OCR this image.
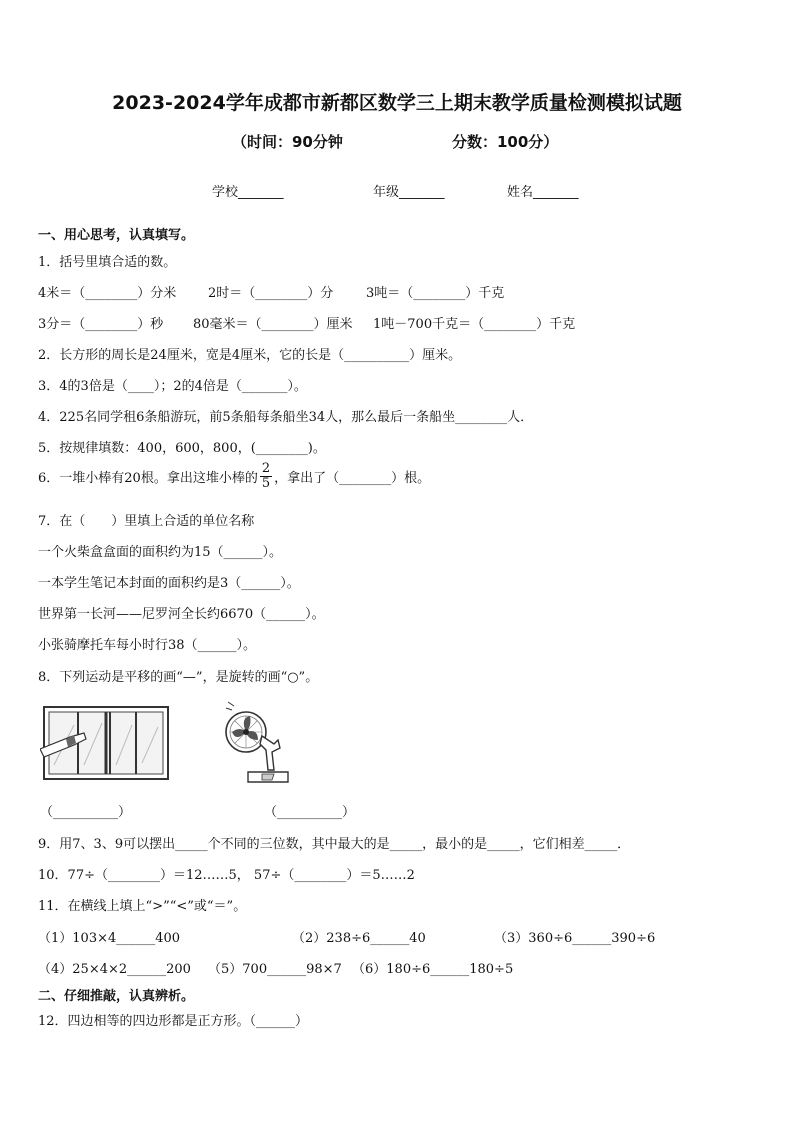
2023-2024学年成都市新都区数学三上期末教学质量检测模拟试题
（时间：90分钟	分数：100分）
学校_______	年级_______	姓名_______
一、用心思考，认真填写。
1．括号里填合适的数。
4米＝（________）分米 2时＝（________）分	3吨＝（________）千克
3分＝（________）秒 80毫米＝（________）厘米 1吨－700千克＝（________）千克
2．长方形的周长是24厘米，宽是4厘米，它的长是（__________）厘米。
3．4的3倍是（____）；2的4倍是（_______）。
4．225名同学租6条船游玩，前5条船每条船坐34人，那么最后一条船坐________人．
5．按规律填数：400，600，800，(________)。
6．一堆小棒有20根。拿出这堆小棒的 $\frac{2}{5}$ ，拿出了（________）根。
7．在（　　）里填上合适的单位名称
一个火柴盒盒面的面积约为15（______）。
一本学生笔记本封面的面积约是3（______）。
世界第一长河——尼罗河全长约6670（______）。
小张骑摩托车每小时行38（______）。
8．下列运动是平移的画“—”，是旋转的画“○”。
（__________）	（__________）
9．用7、3、9可以摆出_____个不同的三位数，其中最大的是_____，最小的是_____，它们相差_____．
10．77÷（________）＝12……5， 57÷（________）＝5……2
11．在横线上填上“>”“<”或“＝”。
（1）103×4______400	（2）238÷6______40	（3）360÷6______390÷6
（4）25×4×2______200 （5）700______98×7 （6）180÷6______180÷5
二、仔细推敲，认真辨析。
12．四边相等的四边形都是正方形。（______）
